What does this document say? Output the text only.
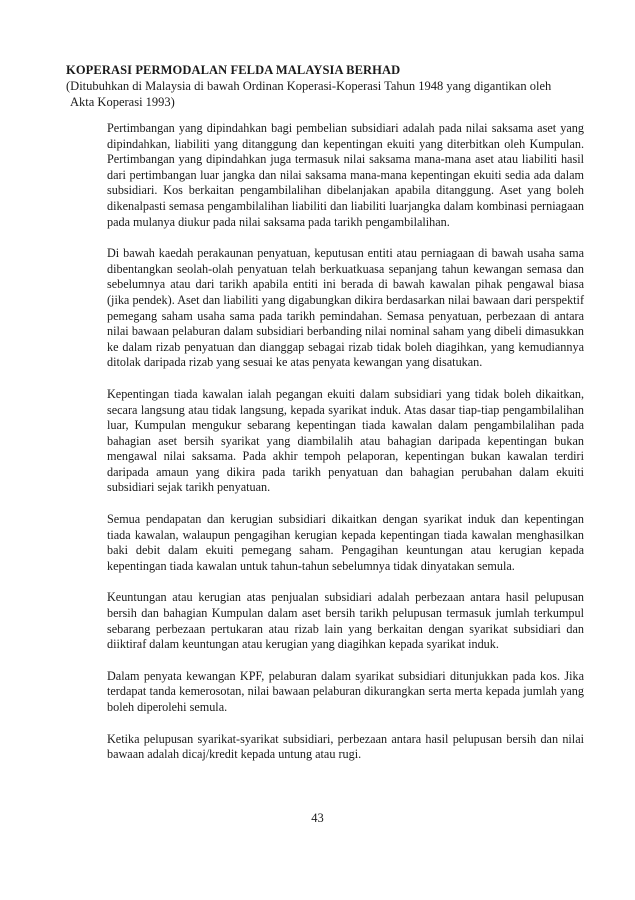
KOPERASI PERMODALAN FELDA MALAYSIA BERHAD

(Ditubuhkan di Malaysia di bawah Ordinan Koperasi-Koperasi Tahun 1948 yang digantikan oleh

Akta Koperasi 1993)

Pertimbangan yang dipindahkan bagi pembelian subsidiari adalah pada nilai saksama aset yang dipindahkan, liabiliti yang ditanggung dan kepentingan ekuiti yang diterbitkan oleh Kumpulan. Pertimbangan yang dipindahkan juga termasuk nilai saksama mana-mana aset atau liabiliti hasil dari pertimbangan luar jangka dan nilai saksama mana-mana kepentingan ekuiti sedia ada dalam subsidiari. Kos berkaitan pengambilalihan dibelanjakan apabila ditanggung. Aset yang boleh dikenalpasti semasa pengambilalihan liabiliti dan liabiliti luarjangka dalam kombinasi perniagaan pada mulanya diukur pada nilai saksama pada tarikh pengambilalihan.

Di bawah kaedah perakaunan penyatuan, keputusan entiti atau perniagaan di bawah usaha sama dibentangkan seolah-olah penyatuan telah berkuatkuasa sepanjang tahun kewangan semasa dan sebelumnya atau dari tarikh apabila entiti ini berada di bawah kawalan pihak pengawal biasa (jika pendek). Aset dan liabiliti yang digabungkan dikira berdasarkan nilai bawaan dari perspektif pemegang saham usaha sama pada tarikh pemindahan. Semasa penyatuan, perbezaan di antara nilai bawaan pelaburan dalam subsidiari berbanding nilai nominal saham yang dibeli dimasukkan ke dalam rizab penyatuan dan dianggap sebagai rizab tidak boleh diagihkan, yang kemudiannya ditolak daripada rizab yang sesuai ke atas penyata kewangan yang disatukan.

Kepentingan tiada kawalan ialah pegangan ekuiti dalam subsidiari yang tidak boleh dikaitkan, secara langsung atau tidak langsung, kepada syarikat induk. Atas dasar tiap-tiap pengambilalihan luar, Kumpulan mengukur sebarang kepentingan tiada kawalan dalam pengambilalihan pada bahagian aset bersih syarikat yang diambilalih atau bahagian daripada kepentingan bukan mengawal nilai saksama. Pada akhir tempoh pelaporan, kepentingan bukan kawalan terdiri daripada amaun yang dikira pada tarikh penyatuan dan bahagian perubahan dalam ekuiti subsidiari sejak tarikh penyatuan.

Semua pendapatan dan kerugian subsidiari dikaitkan dengan syarikat induk dan kepentingan tiada kawalan, walaupun pengagihan kerugian kepada kepentingan tiada kawalan menghasilkan baki debit dalam ekuiti pemegang saham. Pengagihan keuntungan atau kerugian kepada kepentingan tiada kawalan untuk tahun-tahun sebelumnya tidak dinyatakan semula.

Keuntungan atau kerugian atas penjualan subsidiari adalah perbezaan antara hasil pelupusan bersih dan bahagian Kumpulan dalam aset bersih tarikh pelupusan termasuk jumlah terkumpul sebarang perbezaan pertukaran atau rizab lain yang berkaitan dengan syarikat subsidiari dan diiktiraf dalam keuntungan atau kerugian yang diagihkan kepada syarikat induk.

Dalam penyata kewangan KPF, pelaburan dalam syarikat subsidiari ditunjukkan pada kos. Jika terdapat tanda kemerosotan, nilai bawaan pelaburan dikurangkan serta merta kepada jumlah yang boleh diperolehi semula.

Ketika pelupusan syarikat-syarikat subsidiari, perbezaan antara hasil pelupusan bersih dan nilai bawaan adalah dicaj/kredit kepada untung atau rugi.

43
